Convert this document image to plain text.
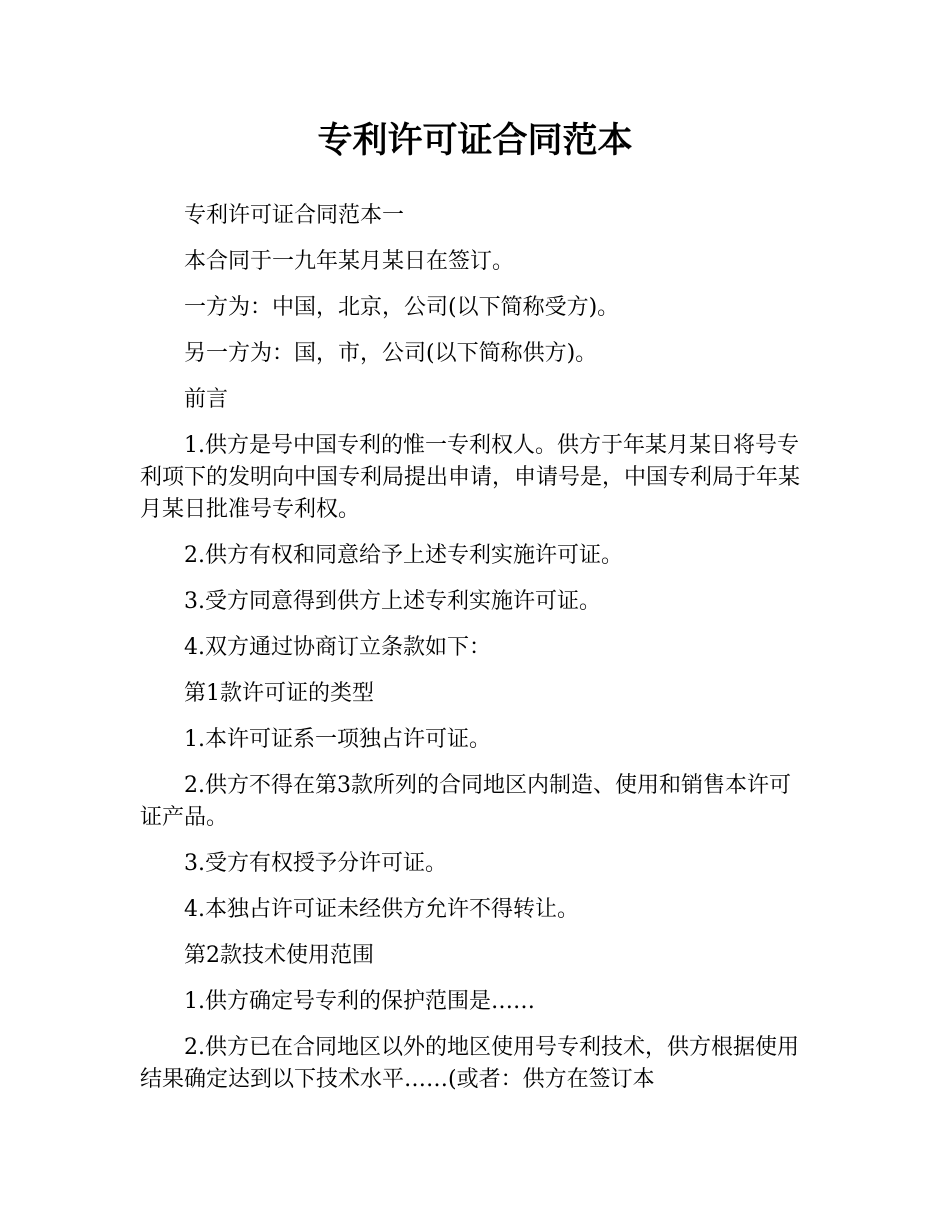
专利许可证合同范本

专利许可证合同范本一

本合同于一九年某月某日在签订。

一方为：中国，北京，公司(以下简称受方)。

另一方为：国，市，公司(以下简称供方)。

前言

1.供方是号中国专利的惟一专利权人。供方于年某月某日将号专利项下的发明向中国专利局提出申请，申请号是，中国专利局于年某月某日批准号专利权。

2.供方有权和同意给予上述专利实施许可证。

3.受方同意得到供方上述专利实施许可证。

4.双方通过协商订立条款如下：

第1款许可证的类型

1.本许可证系一项独占许可证。

2.供方不得在第3款所列的合同地区内制造、使用和销售本许可证产品。

3.受方有权授予分许可证。

4.本独占许可证未经供方允许不得转让。

第2款技术使用范围

1.供方确定号专利的保护范围是……

2.供方已在合同地区以外的地区使用号专利技术，供方根据使用结果确定达到以下技术水平……(或者：供方在签订本
